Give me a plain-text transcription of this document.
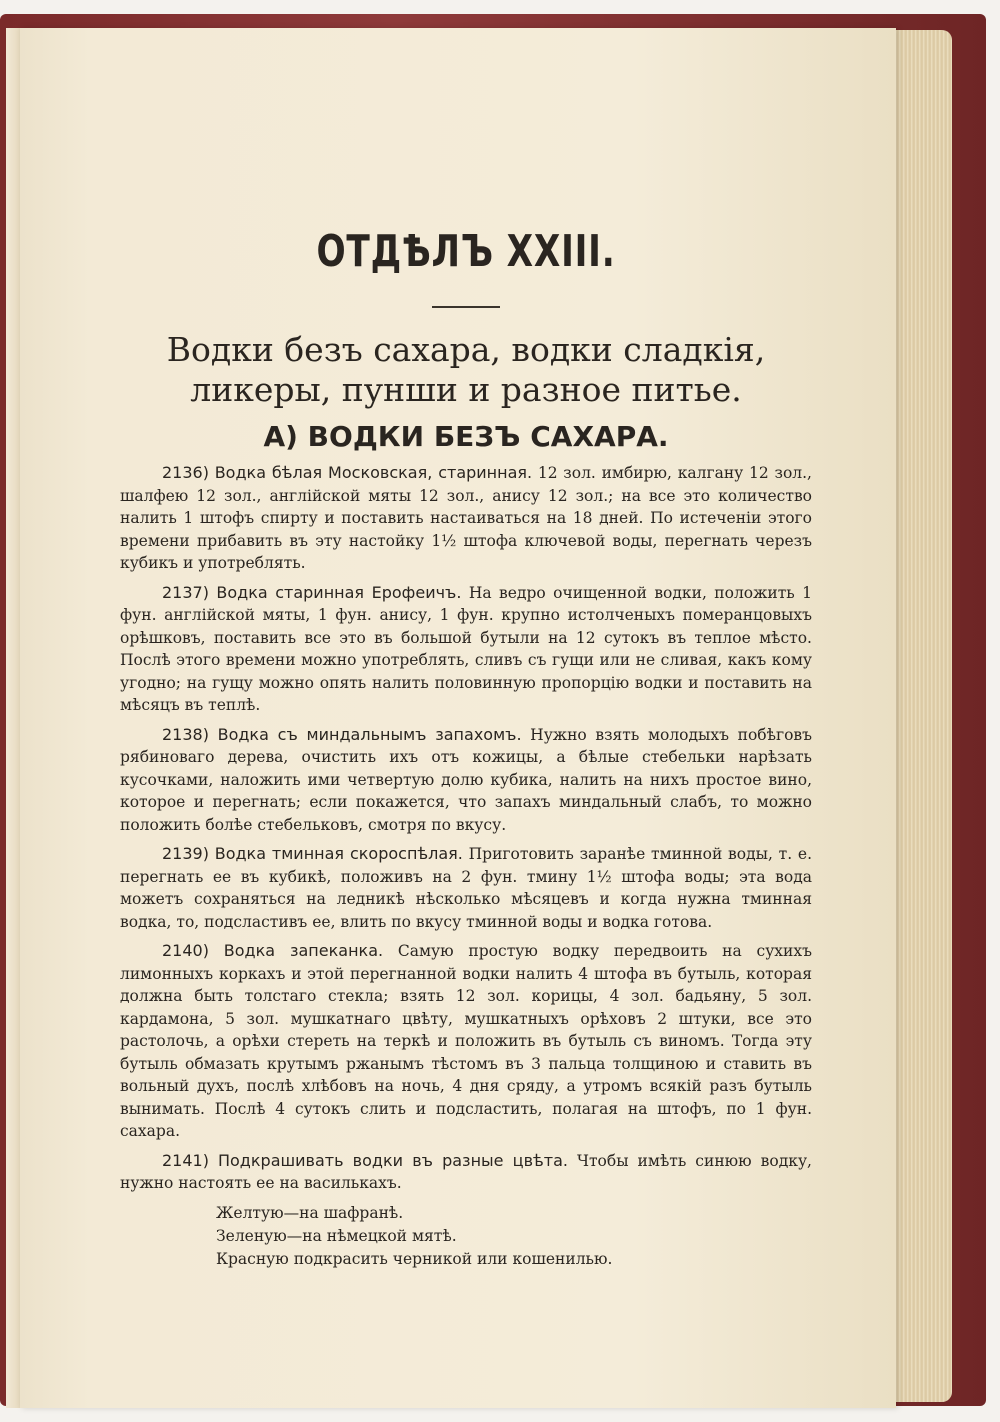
ОТДѢЛЪ XXIII.
Водки безъ сахара, водки сладкія, ликеры, пунши и разное питье.
А) ВОДКИ БЕЗЪ САХАРА.

2136) Водка бѣлая Московская, старинная. 12 зол. имбирю, калгану 12 зол., шалфею 12 зол., англійской мяты 12 зол., анису 12 зол.; на все это количество налить 1 штофъ спирту и поставить настаиваться на 18 дней. По истеченіи этого времени прибавить въ эту настойку 1½ штофа ключевой воды, перегнать черезъ кубикъ и употреблять.

2137) Водка старинная Ерофеичъ. На ведро очищенной водки, положить 1 фун. англійской мяты, 1 фун. анису, 1 фун. крупно истолченыхъ померанцовыхъ орѣшковъ, поставить все это въ большой бутыли на 12 сутокъ въ теплое мѣсто. Послѣ этого времени можно употреблять, сливъ съ гущи или не сливая, какъ кому угодно; на гущу можно опять налить половинную пропорцію водки и поставить на мѣсяцъ въ теплѣ.

2138) Водка съ миндальнымъ запахомъ. Нужно взять молодыхъ побѣговъ рябиноваго дерева, очистить ихъ отъ кожицы, а бѣлые стебельки нарѣзать кусочками, наложить ими четвертую долю кубика, налить на нихъ простое вино, которое и перегнать; если покажется, что запахъ миндальный слабъ, то можно положить болѣе стебельковъ, смотря по вкусу.

2139) Водка тминная скороспѣлая. Приготовить заранѣе тминной воды, т. е. перегнать ее въ кубикѣ, положивъ на 2 фун. тмину 1½ штофа воды; эта вода можетъ сохраняться на ледникѣ нѣсколько мѣсяцевъ и когда нужна тминная водка, то, подсластивъ ее, влить по вкусу тминной воды и водка готова.

2140) Водка запеканка. Самую простую водку передвоить на сухихъ лимонныхъ коркахъ и этой перегнанной водки налить 4 штофа въ бутыль, которая должна быть толстаго стекла; взять 12 зол. корицы, 4 зол. бадьяну, 5 зол. кардамона, 5 зол. мушкатнаго цвѣту, мушкатныхъ орѣховъ 2 штуки, все это растолочь, а орѣхи стереть на теркѣ и положить въ бутыль съ виномъ. Тогда эту бутыль обмазать крутымъ ржанымъ тѣстомъ въ 3 пальца толщиною и ставить въ вольный духъ, послѣ хлѣбовъ на ночь, 4 дня сряду, а утромъ всякій разъ бутыль вынимать. Послѣ 4 сутокъ слить и подсластить, полагая на штофъ, по 1 фун. сахара.

2141) Подкрашивать водки въ разные цвѣта. Чтобы имѣть синюю водку, нужно настоять ее на василькахъ.

Желтую—на шафранѣ.
Зеленую—на нѣмецкой мятѣ.
Красную подкрасить черникой или кошенилью.
